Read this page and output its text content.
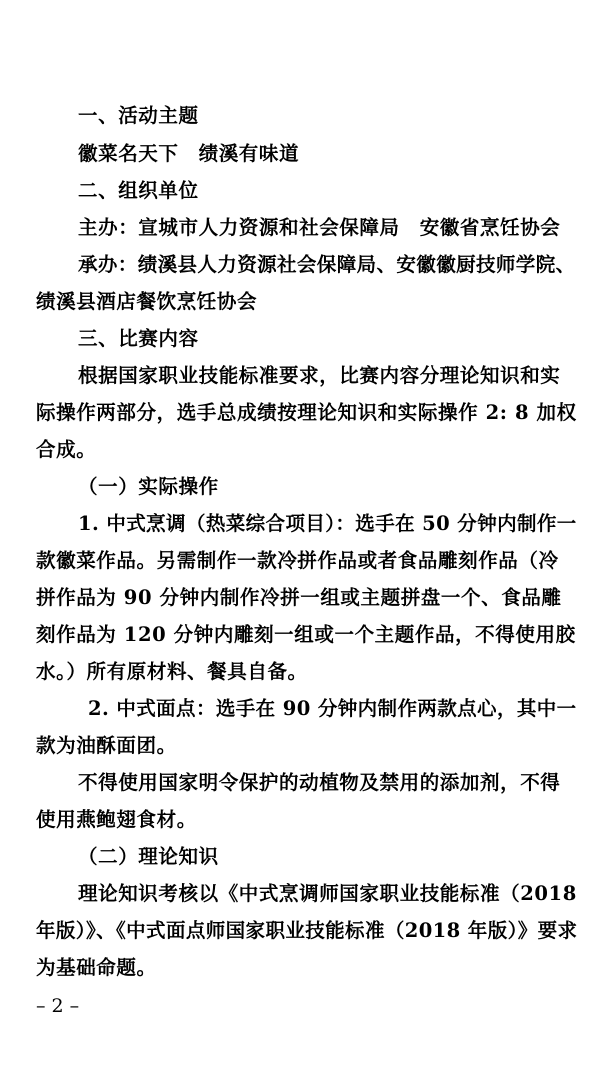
一、活动主题
徽菜名天下　绩溪有味道
二、组织单位
主办：宣城市人力资源和社会保障局　安徽省烹饪协会
承办：绩溪县人力资源社会保障局、安徽徽厨技师学院、
绩溪县酒店餐饮烹饪协会
三、比赛内容
根据国家职业技能标准要求，比赛内容分理论知识和实
际操作两部分，选手总成绩按理论知识和实际操作 2: 8 加权
合成。
（一）实际操作
1. 中式烹调（热菜综合项目）：选手在 50 分钟内制作一
款徽菜作品。另需制作一款冷拼作品或者食品雕刻作品（冷
拼作品为 90 分钟内制作冷拼一组或主题拼盘一个、食品雕
刻作品为 120 分钟内雕刻一组或一个主题作品，不得使用胶
水。）所有原材料、餐具自备。
2. 中式面点：选手在 90 分钟内制作两款点心，其中一
款为油酥面团。
不得使用国家明令保护的动植物及禁用的添加剂，不得
使用燕鲍翅食材。
（二）理论知识
理论知识考核以《中式烹调师国家职业技能标准（2018
年版）》、《中式面点师国家职业技能标准（2018 年版）》要求
为基础命题。
– 2 –
